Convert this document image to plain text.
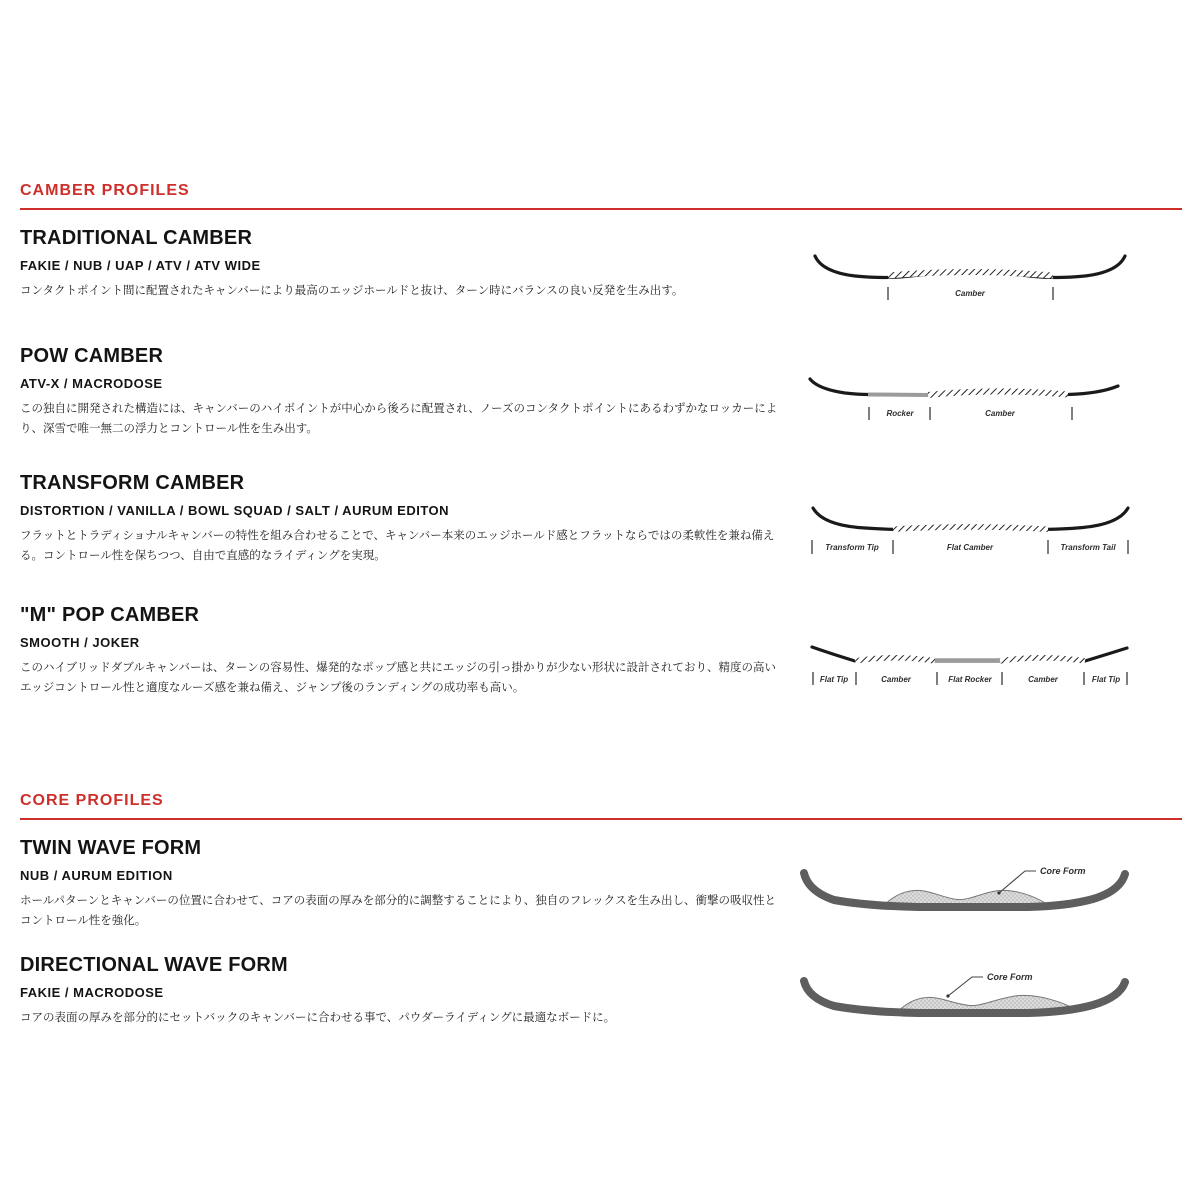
CAMBER PROFILES
TRADITIONAL CAMBER
FAKIE / NUB / UAP / ATV / ATV WIDE

コンタクトポイント間に配置されたキャンバーにより最高のエッジホールドと抜け、ターン時にバランスの良い反発を生み出す。	Camber
POW CAMBER
ATV-X / MACRODOSE

この独自に開発された構造には、キャンバーのハイポイントが中心から後ろに配置され、ノーズのコンタクトポイントにあるわずかなロッカーにより、深雪で唯一無二の浮力とコントロール性を生み出す。

Rocker	Camber
TRANSFORM CAMBER
DISTORTION / VANILLA / BOWL SQUAD / SALT / AURUM EDITON

フラットとトラディショナルキャンバーの特性を組み合わせることで、キャンバー本来のエッジホールド感とフラットならではの柔軟性を兼ね備える。コントロール性を保ちつつ、自由で直感的なライディングを実現。

Transform Tip	Flat Camber	Transform Tail
"M" POP CAMBER
SMOOTH / JOKER

このハイブリッドダブルキャンバーは、ターンの容易性、爆発的なポップ感と共にエッジの引っ掛かりが少ない形状に設計されており、精度の高いエッジコントロール性と適度なルーズ感を兼ね備え、ジャンプ後のランディングの成功率も高い。

Flat Tip	Camber	Flat Rocker	Camber	Flat Tip
CORE PROFILES
TWIN WAVE FORM
NUB / AURUM EDITION

ホールパターンとキャンバーの位置に合わせて、コアの表面の厚みを部分的に調整することにより、独自のフレックスを生み出し、衝撃の吸収性とコントロール性を強化。

Core Form
DIRECTIONAL WAVE FORM
FAKIE / MACRODOSE

コアの表面の厚みを部分的にセットバックのキャンバーに合わせる事で、パウダーライディングに最適なボードに。

Core Form
